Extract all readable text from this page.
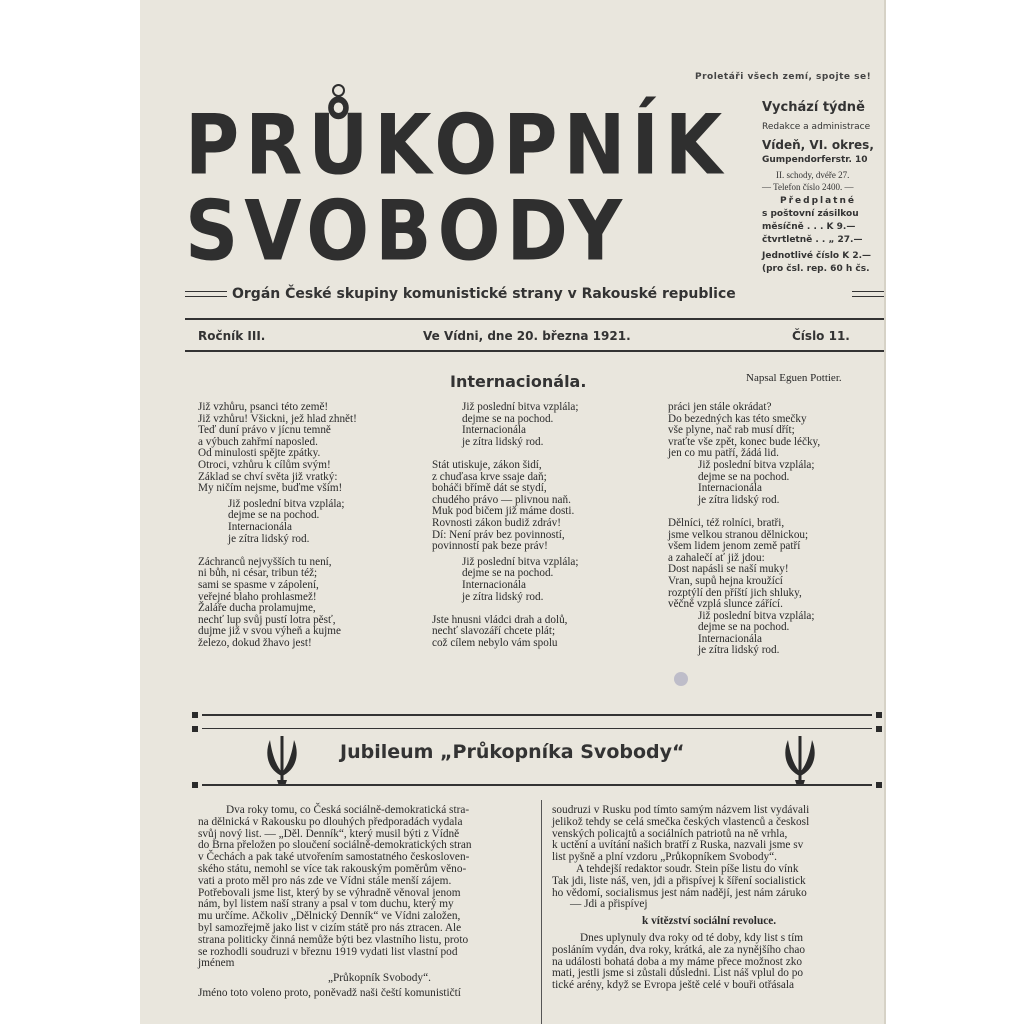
Proletáři všech zemí, spojte se!
PRŮKOPNÍK
SVOBODY
Vychází týdně
Redakce a administrace
Vídeň, VI. okres,
Gumpendorferstr. 10
II. schody, dvéře 27.
— Telefon číslo 2400. —
Předplatné
s poštovní zásilkou
měsíčně . . . K 9.—
čtvrtletně . . „ 27.—
Jednotlivé číslo K 2.—
(pro čsl. rep. 60 h čs.
Orgán České skupiny komunistické strany v Rakouské republice
Ročník III.	Ve Vídni, dne 20. března 1921.	Číslo 11.
Internacionála.	Napsal Eguen Pottier.
Již vzhůru, psanci této země!
Již vzhůru! Všickni, jež hlad zhnět!
Teď duní právo v jícnu temně
a výbuch zahřmí naposled.
Od minulosti spějte zpátky.
Otroci, vzhůru k cílům svým!
Základ se chví světa již vratký:
My ničím nejsme, buďme vším!
Již poslední bitva vzplála;
dejme se na pochod.
Internacionála
je zítra lidský rod.
Záchranců nejvyšších tu není,
ni bůh, ni césar, tribun též;
sami se spasme v zápolení,
veřejné blaho prohlasmež!
Žaláře ducha prolamujme,
nechť lup svůj pustí lotra pěsť,
dujme již v svou výheň a kujme
železo, dokud žhavo jest!
Již poslední bitva vzplála;
dejme se na pochod.
Internacionála
je zítra lidský rod.
Stát utiskuje, zákon šidí,
z chuďasa krve ssaje daň;
boháči břímě dát se stydí,
chudého právo — plivnou naň.
Muk pod bičem již máme dosti.
Rovnosti zákon budiž zdráv!
Dí: Není práv bez povinností,
povinností pak beze práv!
Již poslední bitva vzplála;
dejme se na pochod.
Internacionála
je zítra lidský rod.
Jste hnusni vládci drah a dolů,
nechť slavozáří chcete plát;
což cílem nebylo vám spolu
práci jen stále okrádat?
Do bezedných kas této smečky
vše plyne, nač rab musí dřít;
vraťte vše zpět, konec bude léčky,
jen co mu patří, žádá lid.
Již poslední bitva vzplála;
dejme se na pochod.
Internacionála
je zítra lidský rod.
Dělníci, též rolníci, bratři,
jsme velkou stranou dělnickou;
všem lidem jenom země patří
a zahalečí ať již jdou:
Dost napásli se naší muky!
Vran, supů hejna kroužící
rozptýlí den příští jich shluky,
věčně vzplá slunce zářící.
Již poslední bitva vzplála;
dejme se na pochod.
Internacionála
je zítra lidský rod.
Jubileum „Průkopníka Svobody“
Dva roky tomu, co Česká sociálně-demokratická stra-
na dělnická v Rakousku po dlouhých předporadách vydala
svůj nový list. — „Děl. Denník“, který musil býti z Vídně
do Brna přeložen po sloučení sociálně-demokratických stran
v Čechách a pak také utvořením samostatného českosloven-
ského státu, nemohl se více tak rakouským poměrům věno-
vati a proto měl pro nás zde ve Vídni stále menší zájem.
Potřebovali jsme list, který by se výhradně věnoval jenom
nám, byl listem naší strany a psal v tom duchu, který my
mu určíme. Ačkoliv „Dělnický Denník“ ve Vídni založen,
byl samozřejmě jako list v cizím státě pro nás ztracen. Ale
strana politicky činná nemůže býti bez vlastního listu, proto
se rozhodli soudruzi v březnu 1919 vydati list vlastní pod
jménem
„Průkopník Svobody“.
Jméno toto voleno proto, poněvadž naši čeští komunističtí
soudruzi v Rusku pod tímto samým názvem list vydávali
jelikož tehdy se celá smečka českých vlastenců a českosl
venských policajtů a sociálních patriotů na ně vrhla,
k uctění a uvítání našich bratří z Ruska, nazvali jsme sv
list pyšně a plní vzdoru „Průkopníkem Svobody“.
A tehdejší redaktor soudr. Stein píše listu do vínk
Tak jdi, liste náš, ven, jdi a přispívej k šíření socialistick
ho vědomí, socialismus jest nám nadějí, jest nám záruko
— Jdi a přispívej
k vítězství sociální revoluce.
Dnes uplynuly dva roky od té doby, kdy list s tím
posláním vydán, dva roky, krátká, ale za nynějšího chao
na události bohatá doba a my máme přece možnost zko
mati, jestli jsme si zůstali důsledni. List náš vplul do po
tické arény, když se Evropa ještě celé v bouři otřásala
